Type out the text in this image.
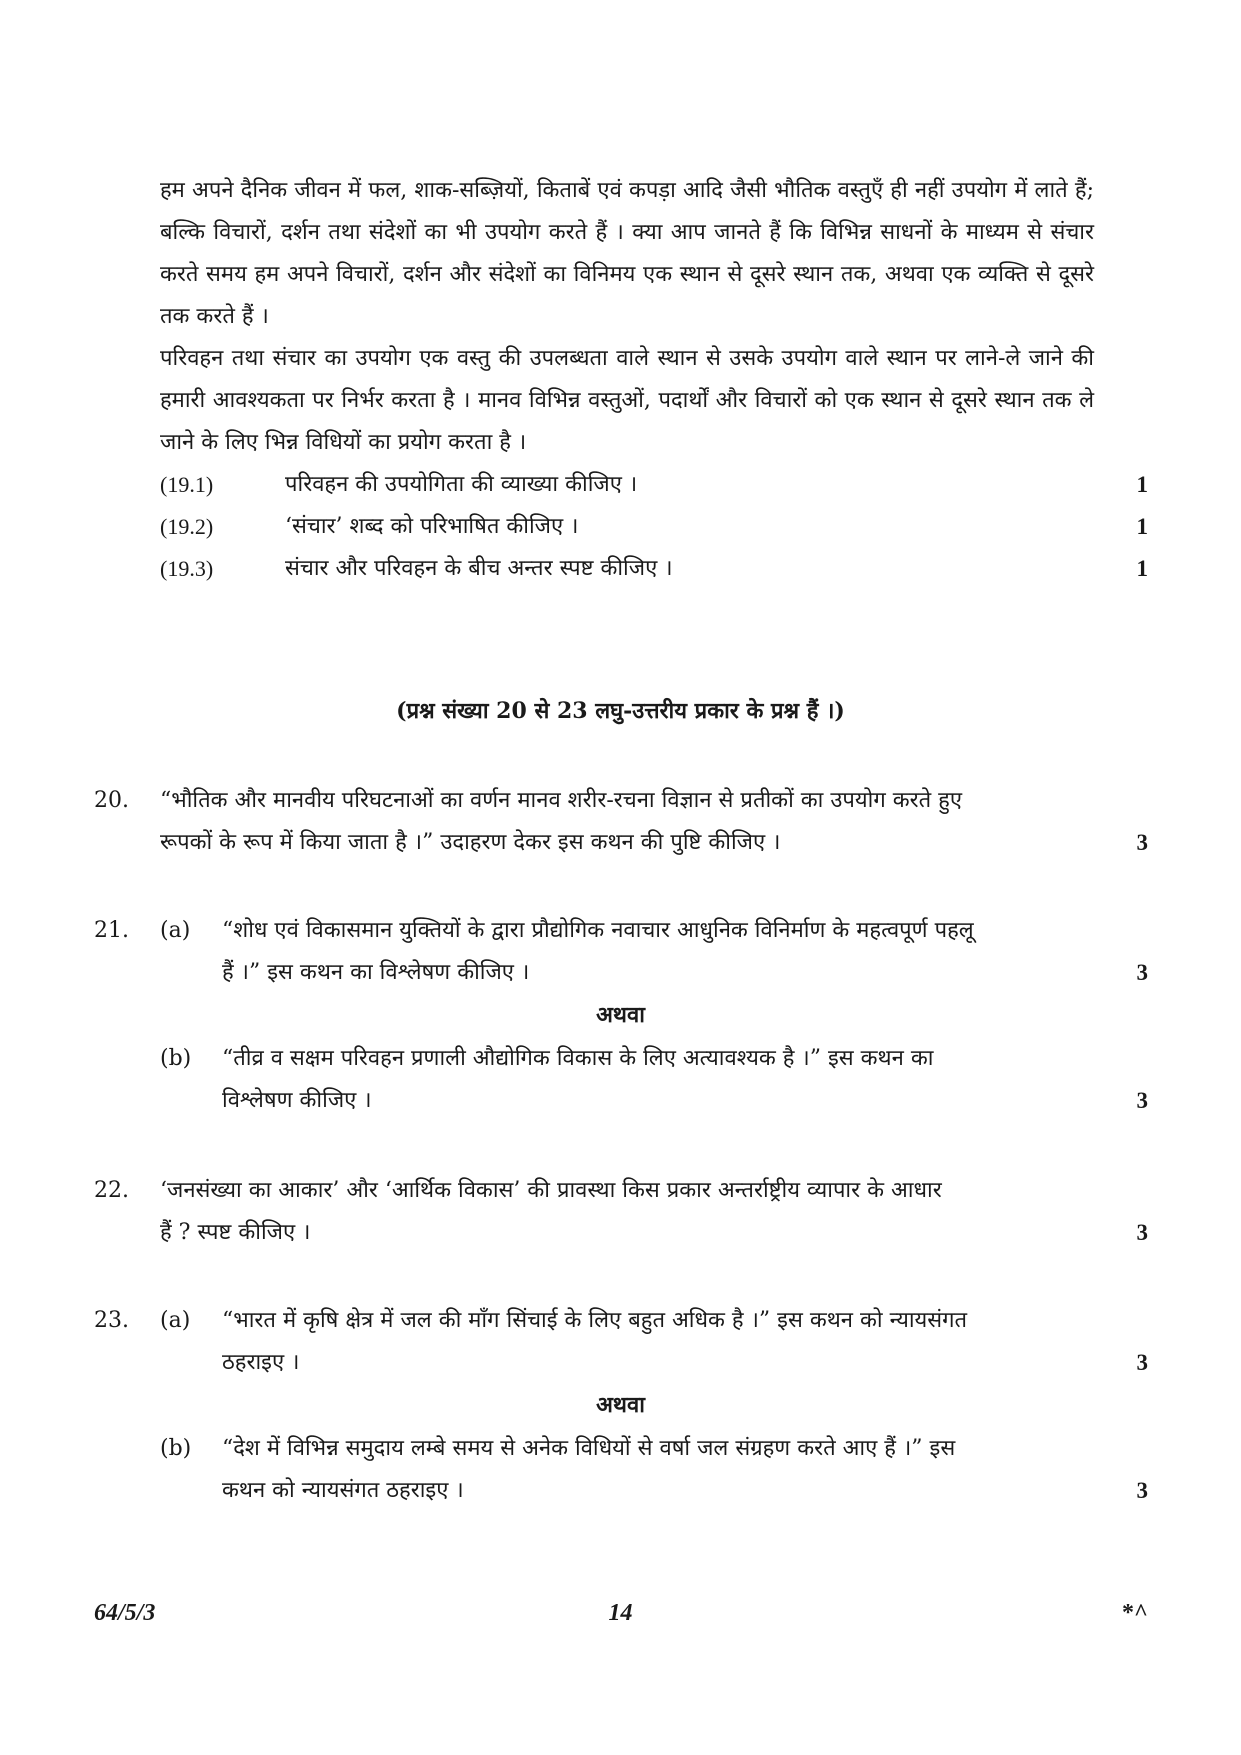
हम अपने दैनिक जीवन में फल, शाक-सब्ज़ियों, किताबें एवं कपड़ा आदि जैसी भौतिक वस्तुएँ ही नहीं उपयोग में लाते हैं; बल्कि विचारों, दर्शन तथा संदेशों का भी उपयोग करते हैं । क्या आप जानते हैं कि विभिन्न साधनों के माध्यम से संचार करते समय हम अपने विचारों, दर्शन और संदेशों का विनिमय एक स्थान से दूसरे स्थान तक, अथवा एक व्यक्ति से दूसरे तक करते हैं ।
परिवहन तथा संचार का उपयोग एक वस्तु की उपलब्धता वाले स्थान से उसके उपयोग वाले स्थान पर लाने-ले जाने की हमारी आवश्यकता पर निर्भर करता है । मानव विभिन्न वस्तुओं, पदार्थों और विचारों को एक स्थान से दूसरे स्थान तक ले जाने के लिए भिन्न विधियों का प्रयोग करता है ।
(19.1)	परिवहन की उपयोगिता की व्याख्या कीजिए ।	1
(19.2)	‘संचार’ शब्द को परिभाषित कीजिए ।	1
(19.3)	संचार और परिवहन के बीच अन्तर स्पष्ट कीजिए ।	1
(प्रश्न संख्या 20 से 23 लघु-उत्तरीय प्रकार के प्रश्न हैं ।)
20. “भौतिक और मानवीय परिघटनाओं का वर्णन मानव शरीर-रचना विज्ञान से प्रतीकों का उपयोग करते हुए
रूपकों के रूप में किया जाता है ।” उदाहरण देकर इस कथन की पुष्टि कीजिए ।	3
21. (a) “शोध एवं विकासमान युक्तियों के द्वारा प्रौद्योगिक नवाचार आधुनिक विनिर्माण के महत्वपूर्ण पहलू
हैं ।” इस कथन का विश्लेषण कीजिए ।	3
अथवा
(b) “तीव्र व सक्षम परिवहन प्रणाली औद्योगिक विकास के लिए अत्यावश्यक है ।” इस कथन का
विश्लेषण कीजिए ।	3
22. ‘जनसंख्या का आकार’ और ‘आर्थिक विकास’ की प्रावस्था किस प्रकार अन्तर्राष्ट्रीय व्यापार के आधार
हैं ? स्पष्ट कीजिए ।	3
23. (a) “भारत में कृषि क्षेत्र में जल की माँग सिंचाई के लिए बहुत अधिक है ।” इस कथन को न्यायसंगत
ठहराइए ।	3
अथवा
(b) “देश में विभिन्न समुदाय लम्बे समय से अनेक विधियों से वर्षा जल संग्रहण करते आए हैं ।” इस
कथन को न्यायसंगत ठहराइए ।	3
64/5/3	14	*^
